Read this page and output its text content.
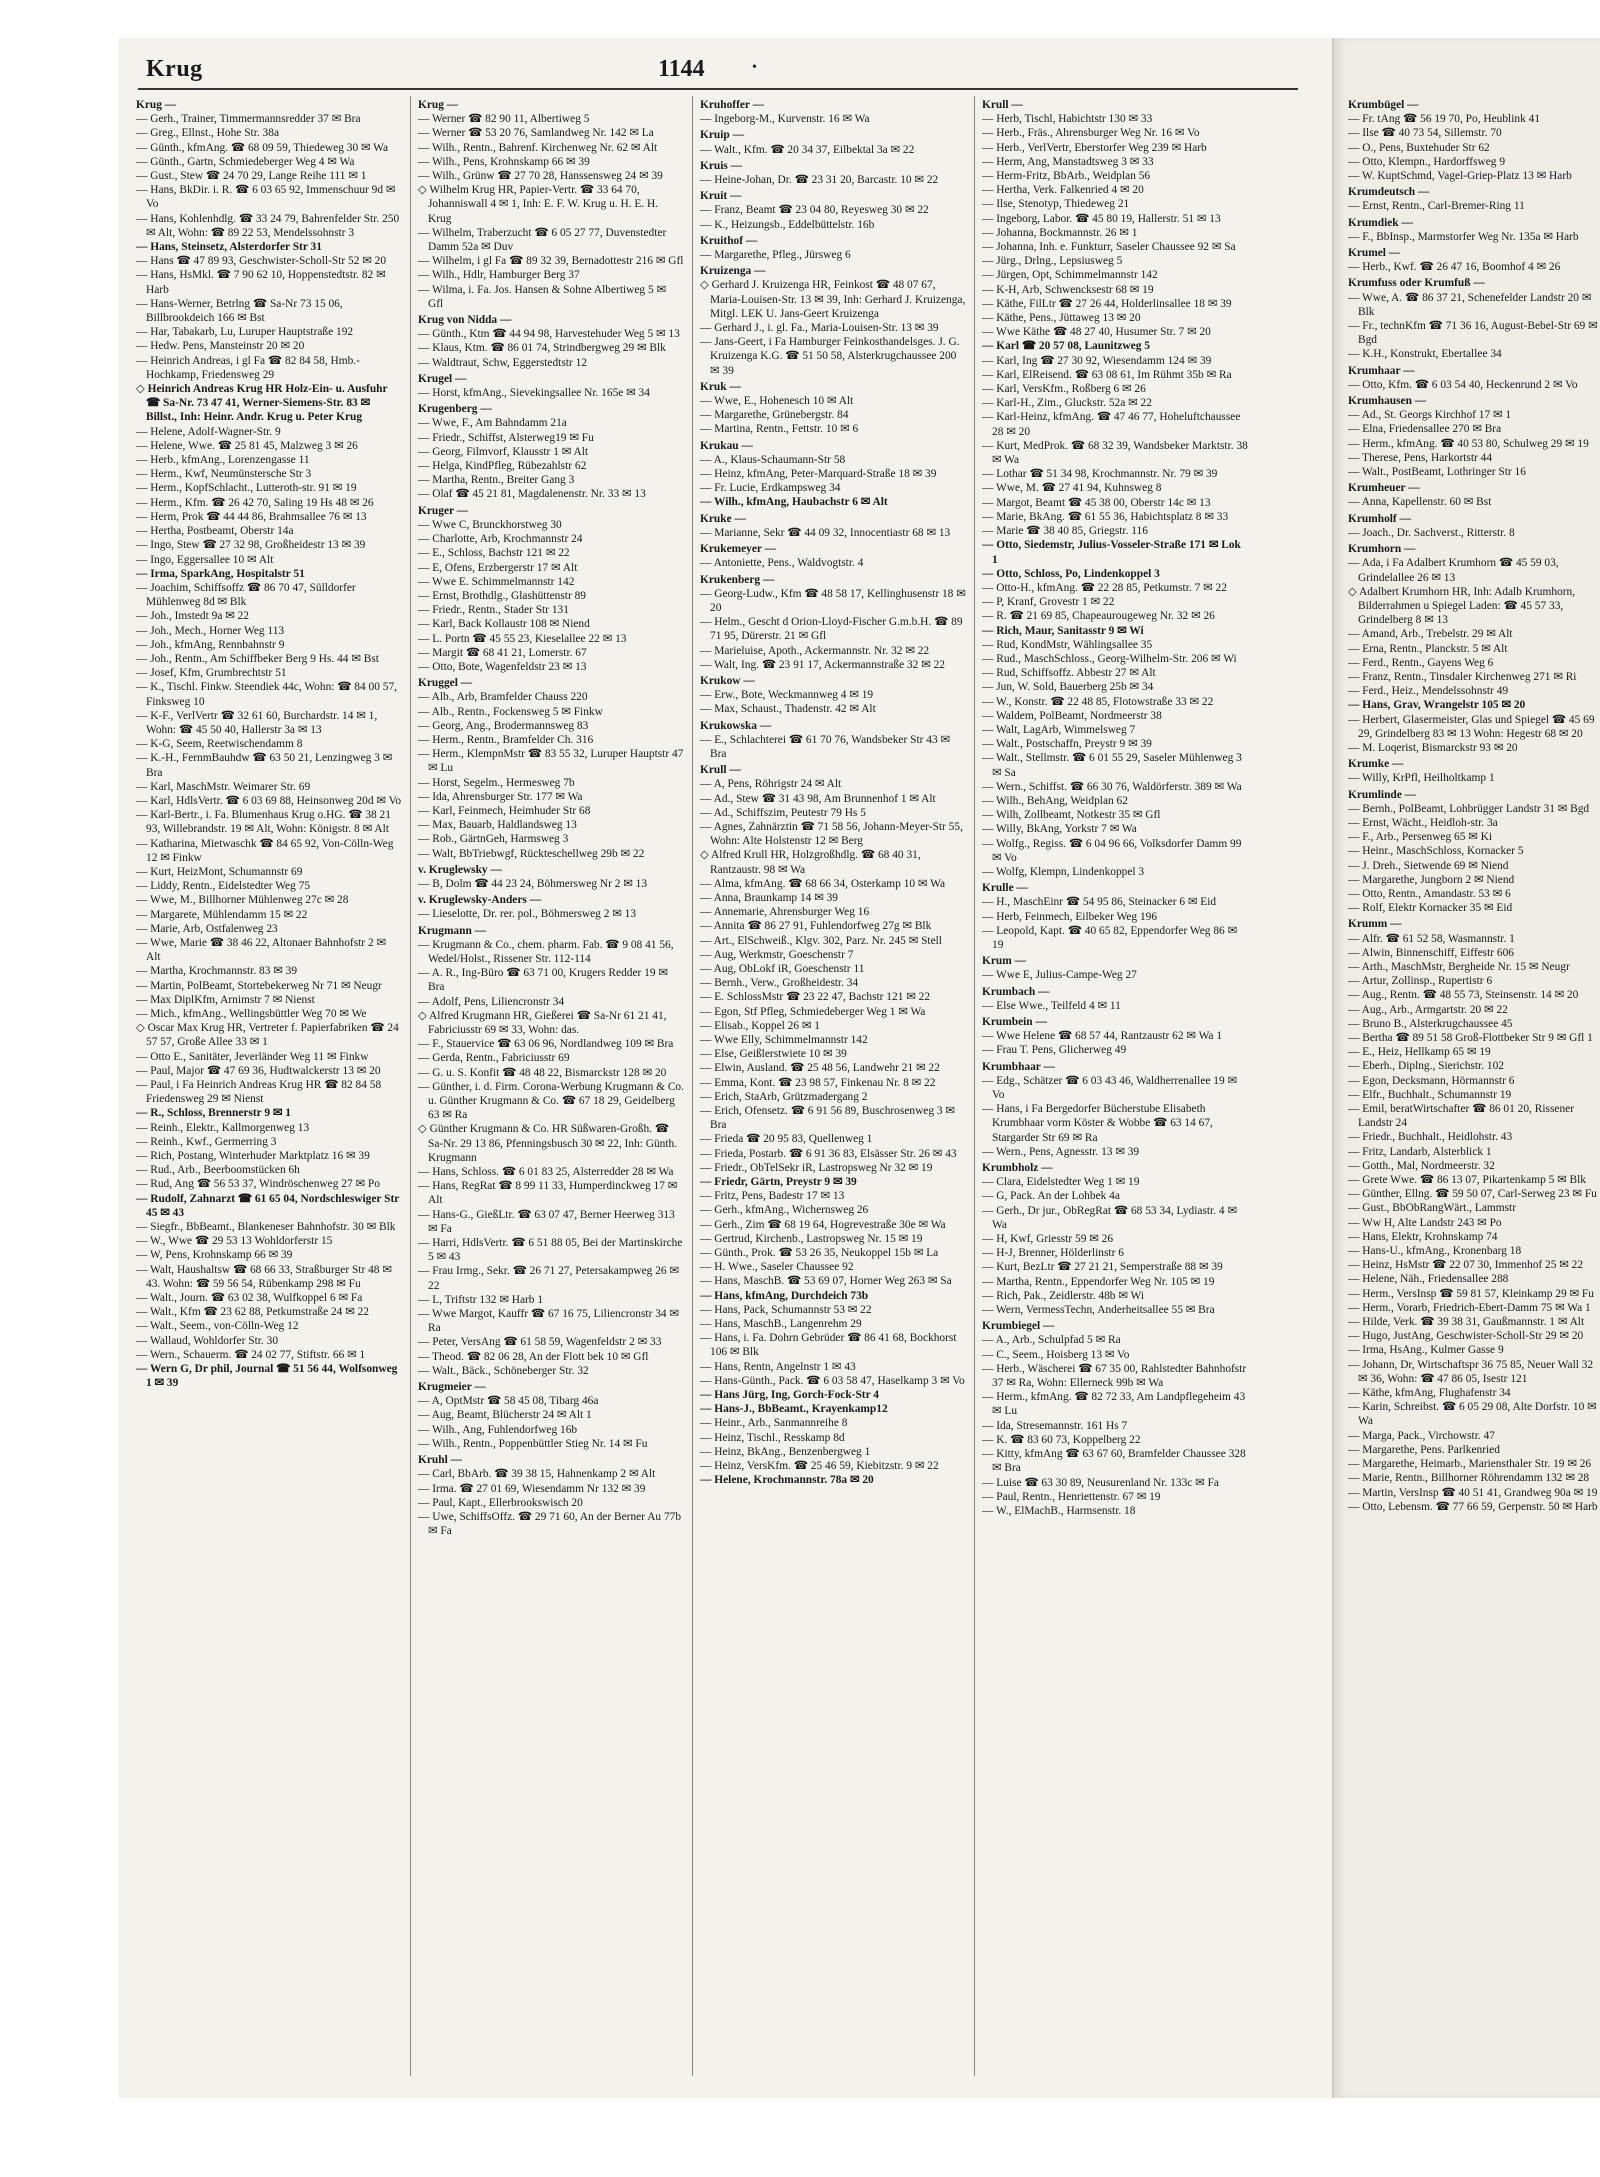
Krug	1144	•
Krug —
— Gerh., Trainer, Timmermannsredder 37 ✉ Bra
— Greg., Ellnst., Hohe Str. 38a
— Günth., kfmAng. ☎ 68 09 59, Thiedeweg 30 ✉ Wa
— Günth., Gartn, Schmiedeberger Weg 4 ✉ Wa
— Gust., Stew ☎ 24 70 29, Lange Reihe 111 ✉ 1
— Hans, BkDir. i. R. ☎ 6 03 65 92, Immenschuur 9d ✉ Vo
— Hans, Kohlenhdlg. ☎ 33 24 79, Bahrenfelder Str. 250 ✉ Alt, Wohn: ☎ 89 22 53, Mendelssohnstr 3
— Hans, Steinsetz, Alsterdorfer Str 31
— Hans ☎ 47 89 93, Geschwister-Scholl-Str 52 ✉ 20
— Hans, HsMkl. ☎ 7 90 62 10, Hoppenstedtstr. 82 ✉ Harb
— Hans-Werner, Betrlng ☎ Sa-Nr 73 15 06, Billbrookdeich 166 ✉ Bst
— Har, Tabakarb, Lu, Luruper Hauptstraße 192
— Hedw. Pens, Mansteinstr 20 ✉ 20
— Heinrich Andreas, i gl Fa ☎ 82 84 58, Hmb.-Hochkamp, Friedensweg 29
◇ Heinrich Andreas Krug HR Holz-Ein- u. Ausfuhr ☎ Sa-Nr. 73 47 41, Werner-Siemens-Str. 83 ✉ Billst., Inh: Heinr. Andr. Krug u. Peter Krug
— Helene, Adolf-Wagner-Str. 9
— Helene, Wwe. ☎ 25 81 45, Malzweg 3 ✉ 26
— Herb., kfmAng., Lorenzengasse 11
— Herm., Kwf, Neumünstersche Str 3
— Herm., KopfSchlacht., Lutteroth-str. 91 ✉ 19
— Herm., Kfm. ☎ 26 42 70, Saling 19 Hs 48 ✉ 26
— Herm, Prok ☎ 44 44 86, Brahmsallee 76 ✉ 13
— Hertha, Postbeamt, Oberstr 14a
— Ingo, Stew ☎ 27 32 98, Großheidestr 13 ✉ 39
— Ingo, Eggersallee 10 ✉ Alt
— Irma, SparkAng, Hospitalstr 51
— Joachim, Schiffsoffz ☎ 86 70 47, Sülldorfer Mühlenweg 8d ✉ Blk
— Joh., Imstedt 9a ✉ 22
— Joh., Mech., Horner Weg 113
— Joh., kfmAng, Rennbahnstr 9
— Joh., Rentn., Am Schiffbeker Berg 9 Hs. 44 ✉ Bst
— Josef, Kfm, Grumbrechtstr 51
— K., Tischl. Finkw. Steendiek 44c, Wohn: ☎ 84 00 57, Finksweg 10
— K-F., VerlVertr ☎ 32 61 60, Burchardstr. 14 ✉ 1, Wohn: ☎ 45 50 40, Hallerstr 3a ✉ 13
— K-G, Seem, Reetwischendamm 8
— K.-H., FernmBauhdw ☎ 63 50 21, Lenzingweg 3 ✉ Bra
— Karl, MaschMstr. Weimarer Str. 69
— Karl, HdlsVertr. ☎ 6 03 69 88, Heinsonweg 20d ✉ Vo
— Karl-Bertr., i. Fa. Blumenhaus Krug o.HG. ☎ 38 21 93, Willebrandstr. 19 ✉ Alt, Wohn: Königstr. 8 ✉ Alt
— Katharina, Mietwaschk ☎ 84 65 92, Von-Cölln-Weg 12 ✉ Finkw
— Kurt, HeizMont, Schumannstr 69
— Liddy, Rentn., Eidelstedter Weg 75
— Wwe, M., Billhorner Mühlenweg 27c ✉ 28
— Margarete, Mühlendamm 15 ✉ 22
— Marie, Arb, Ostfalenweg 23
— Wwe, Marie ☎ 38 46 22, Altonaer Bahnhofstr 2 ✉ Alt
— Martha, Krochmannstr. 83 ✉ 39
— Martin, PolBeamt, Stortebekerweg Nr 71 ✉ Neugr
— Max DiplKfm, Arnimstr 7 ✉ Nienst
— Mich., kfmAng., Wellingsbüttler Weg 70 ✉ We
◇ Oscar Max Krug HR, Vertreter f. Papierfabriken ☎ 24 57 57, Große Allee 33 ✉ 1
— Otto E., Sanitäter, Jeverländer Weg 11 ✉ Finkw
— Paul, Major ☎ 47 69 36, Hudtwalckerstr 13 ✉ 20
— Paul, i Fa Heinrich Andreas Krug HR ☎ 82 84 58 Friedensweg 29 ✉ Nienst
— R., Schloss, Brennerstr 9 ✉ 1
— Reinh., Elektr., Kallmorgenweg 13
— Reinh., Kwf., Germerring 3
— Rich, Postang, Winterhuder Marktplatz 16 ✉ 39
— Rud., Arb., Beerboomstücken 6h
— Rud, Ang ☎ 56 53 37, Windröschenweg 27 ✉ Po
— Rudolf, Zahnarzt ☎ 61 65 04, Nordschleswiger Str 45 ✉ 43
— Siegfr., BbBeamt., Blankeneser Bahnhofstr. 30 ✉ Blk
— W., Wwe ☎ 29 53 13 Wohldorferstr 15
— W, Pens, Krohnskamp 66 ✉ 39
— Walt, Haushaltsw ☎ 68 66 33, Straßburger Str 48 ✉ 43. Wohn: ☎ 59 56 54, Rübenkamp 298 ✉ Fu
— Walt., Journ. ☎ 63 02 38, Wulfkoppel 6 ✉ Fa
— Walt., Kfm ☎ 23 62 88, Petkumstraße 24 ✉ 22
— Walt., Seem., von-Cölln-Weg 12
— Wallaud, Wohldorfer Str. 30
— Wern., Schauerm. ☎ 24 02 77, Stiftstr. 66 ✉ 1
— Wern G, Dr phil, Journal ☎ 51 56 44, Wolfsonweg 1 ✉ 39
Krug —
— Werner ☎ 82 90 11, Albertiweg 5
— Werner ☎ 53 20 76, Samlandweg Nr. 142 ✉ La
— Wilh., Rentn., Bahrenf. Kirchenweg Nr. 62 ✉ Alt
— Wilh., Pens, Krohnskamp 66 ✉ 39
— Wilh., Grünw ☎ 27 70 28, Hanssensweg 24 ✉ 39
◇ Wilhelm Krug HR, Papier-Vertr. ☎ 33 64 70, Johanniswall 4 ✉ 1, Inh: E. F. W. Krug u. H. E. H. Krug
— Wilhelm, Traberzucht ☎ 6 05 27 77, Duvenstedter Damm 52a ✉ Duv
— Wilhelm, i gl Fa ☎ 89 32 39, Bernadottestr 216 ✉ Gfl
— Wilh., Hdlr, Hamburger Berg 37
— Wilma, i. Fa. Jos. Hansen & Sohne Albertiweg 5 ✉ Gfl
Krug von Nidda —
— Günth., Ktm ☎ 44 94 98, Harvestehuder Weg 5 ✉ 13
— Klaus, Ktm. ☎ 86 01 74, Strindbergweg 29 ✉ Blk
— Waldtraut, Schw, Eggerstedtstr 12
Krugel —
— Horst, kfmAng., Sievekingsallee Nr. 165e ✉ 34
Krugenberg —
— Wwe, F., Am Bahndamm 21a
— Friedr., Schiffst, Alsterweg19 ✉ Fu
— Georg, Filmvorf, Klausstr 1 ✉ Alt
— Helga, KindPfleg, Rübezahlstr 62
— Martha, Rentn., Breiter Gang 3
— Olaf ☎ 45 21 81, Magdalenenstr. Nr. 33 ✉ 13
Kruger —
— Wwe C, Brunckhorstweg 30
— Charlotte, Arb, Krochmannstr 24
— E., Schloss, Bachstr 121 ✉ 22
— E, Ofens, Erzbergerstr 17 ✉ Alt
— Wwe E. Schimmelmannstr 142
— Ernst, Brothdlg., Glashüttenstr 89
— Friedr., Rentn., Stader Str 131
— Karl, Back Kollaustr 108 ✉ Niend
— L. Portn ☎ 45 55 23, Kieselallee 22 ✉ 13
— Margit ☎ 68 41 21, Lomerstr. 67
— Otto, Bote, Wagenfeldstr 23 ✉ 13
Kruggel —
— Alb., Arb, Bramfelder Chauss 220
— Alb., Rentn., Fockensweg 5 ✉ Finkw
— Georg, Ang., Brodermannsweg 83
— Herm., Rentn., Bramfelder Ch. 316
— Herm., KlempnMstr ☎ 83 55 32, Luruper Hauptstr 47 ✉ Lu
— Horst, Segelm., Hermesweg 7b
— Ida, Ahrensburger Str. 177 ✉ Wa
— Karl, Feinmech, Heimhuder Str 68
— Max, Bauarb, Haldlandsweg 13
— Rob., GärtnGeh, Harmsweg 3
— Walt, BbTriebwgf, Rückteschellweg 29b ✉ 22
v. Kruglewsky —
— B, Dolm ☎ 44 23 24, Böhmersweg Nr 2 ✉ 13
v. Kruglewsky-Anders —
— Lieselotte, Dr. rer. pol., Böhmersweg 2 ✉ 13
Krugmann —
— Krugmann & Co., chem. pharm. Fab. ☎ 9 08 41 56, Wedel/Holst., Rissener Str. 112-114
— A. R., Ing-Büro ☎ 63 71 00, Krugers Redder 19 ✉ Bra
— Adolf, Pens, Liliencronstr 34
◇ Alfred Krugmann HR, Gießerei ☎ Sa-Nr 61 21 41, Fabriciusstr 69 ✉ 33, Wohn: das.
— F., Stauervice ☎ 63 06 96, Nordlandweg 109 ✉ Bra
— Gerda, Rentn., Fabriciusstr 69
— G. u. S. Konfit ☎ 48 48 22, Bismarckstr 128 ✉ 20
— Günther, i. d. Firm. Corona-Werbung Krugmann & Co. u. Günther Krugmann & Co. ☎ 67 18 29, Geidelberg 63 ✉ Ra
◇ Günther Krugmann & Co. HR Süßwaren-Großh. ☎ Sa-Nr. 29 13 86, Pfenningsbusch 30 ✉ 22, Inh: Günth. Krugmann
— Hans, Schloss. ☎ 6 01 83 25, Alsterredder 28 ✉ Wa
— Hans, RegRat ☎ 8 99 11 33, Humperdinckweg 17 ✉ Alt
— Hans-G., GießLtr. ☎ 63 07 47, Berner Heerweg 313 ✉ Fa
— Harri, HdlsVertr. ☎ 6 51 88 05, Bei der Martinskirche 5 ✉ 43
— Frau Irmg., Sekr. ☎ 26 71 27, Petersakampweg 26 ✉ 22
— L, Triftstr 132 ✉ Harb 1
— Wwe Margot, Kauffr ☎ 67 16 75, Liliencronstr 34 ✉ Ra
— Peter, VersAng ☎ 61 58 59, Wagenfeldstr 2 ✉ 33
— Theod. ☎ 82 06 28, An der Flott bek 10 ✉ Gfl
— Walt., Bäck., Schöneberger Str. 32
Krugmeier —
— A, OptMstr ☎ 58 45 08, Tibarg 46a
— Aug, Beamt, Blücherstr 24 ✉ Alt 1
— Wilh., Ang, Fuhlendorfweg 16b
— Wilh., Rentn., Poppenbüttler Stieg Nr. 14 ✉ Fu
Kruhl —
— Carl, BbArb. ☎ 39 38 15, Hahnenkamp 2 ✉ Alt
— Irma. ☎ 27 01 69, Wiesendamm Nr 132 ✉ 39
— Paul, Kapt., Ellerbrookswisch 20
— Uwe, SchiffsOffz. ☎ 29 71 60, An der Berner Au 77b ✉ Fa
Kruhoffer —
— Ingeborg-M., Kurvenstr. 16 ✉ Wa
Kruip —
— Walt., Kfm. ☎ 20 34 37, Eilbektal 3a ✉ 22
Kruis —
— Heine-Johan, Dr. ☎ 23 31 20, Barcastr. 10 ✉ 22
Kruit —
— Franz, Beamt ☎ 23 04 80, Reyesweg 30 ✉ 22
— K., Heizungsb., Eddelbüttelstr. 16b
Kruithof —
— Margarethe, Pfleg., Jürsweg 6
Kruizenga —
◇ Gerhard J. Kruizenga HR, Feinkost ☎ 48 07 67, Maria-Louisen-Str. 13 ✉ 39, Inh: Gerhard J. Kruizenga, Mitgl. LEK U. Jans-Geert Kruizenga
— Gerhard J., i. gl. Fa., Maria-Louisen-Str. 13 ✉ 39
— Jans-Geert, i Fa Hamburger Feinkosthandelsges. J. G. Kruizenga K.G. ☎ 51 50 58, Alsterkrugchaussee 200 ✉ 39
Kruk —
— Wwe, E., Hohenesch 10 ✉ Alt
— Margarethe, Grünebergstr. 84
— Martina, Rentn., Fettstr. 10 ✉ 6
Krukau —
— A., Klaus-Schaumann-Str 58
— Heinz, kfmAng, Peter-Marquard-Straße 18 ✉ 39
— Fr. Lucie, Erdkampsweg 34
— Wilh., kfmAng, Haubachstr 6 ✉ Alt
Kruke —
— Marianne, Sekr ☎ 44 09 32, Innocentiastr 68 ✉ 13
Krukemeyer —
— Antoniette, Pens., Waldvogtstr. 4
Krukenberg —
— Georg-Ludw., Kfm ☎ 48 58 17, Kellinghusenstr 18 ✉ 20
— Helm., Gescht d Orion-Lloyd-Fischer G.m.b.H. ☎ 89 71 95, Dürerstr. 21 ✉ Gfl
— Marieluise, Apoth., Ackermannstr. Nr. 32 ✉ 22
— Walt, Ing. ☎ 23 91 17, Ackermannstraße 32 ✉ 22
Krukow —
— Erw., Bote, Weckmannweg 4 ✉ 19
— Max, Schaust., Thadenstr. 42 ✉ Alt
Krukowska —
— E., Schlachterei ☎ 61 70 76, Wandsbeker Str 43 ✉ Bra
Krull —
— A, Pens, Röhrigstr 24 ✉ Alt
— Ad., Stew ☎ 31 43 98, Am Brunnenhof 1 ✉ Alt
— Ad., Schiffszim, Peutestr 79 Hs 5
— Agnes, Zahnärztin ☎ 71 58 56, Johann-Meyer-Str 55, Wohn: Alte Holstenstr 12 ✉ Berg
◇ Alfred Krull HR, Holzgroßhdlg. ☎ 68 40 31, Rantzaustr. 98 ✉ Wa
— Alma, kfmAng. ☎ 68 66 34, Osterkamp 10 ✉ Wa
— Anna, Braunkamp 14 ✉ 39
— Annemarie, Ahrensburger Weg 16
— Annita ☎ 86 27 91, Fuhlendorfweg 27g ✉ Blk
— Art., ElSchweiß., Klgv. 302, Parz. Nr. 245 ✉ Stell
— Aug, Werkmstr, Goeschenstr 7
— Aug, ObLokf iR, Goeschenstr 11
— Bernh., Verw., Großheidestr. 34
— E. SchlossMstr ☎ 23 22 47, Bachstr 121 ✉ 22
— Egon, Stf Pfleg, Schmiedeberger Weg 1 ✉ Wa
— Elisab., Koppel 26 ✉ 1
— Wwe Elly, Schimmelmannstr 142
— Else, Geißlerstwiete 10 ✉ 39
— Elwin, Ausland. ☎ 25 48 56, Landwehr 21 ✉ 22
— Emma, Kont. ☎ 23 98 57, Finkenau Nr. 8 ✉ 22
— Erich, StaArb, Grützmadergang 2
— Erich, Ofensetz. ☎ 6 91 56 89, Buschrosenweg 3 ✉ Bra
— Frieda ☎ 20 95 83, Quellenweg 1
— Frieda, Postarb. ☎ 6 91 36 83, Elsässer Str. 26 ✉ 43
— Friedr., ObTelSekr iR, Lastropsweg Nr 32 ✉ 19
— Friedr, Gärtn, Preystr 9 ✉ 39
— Fritz, Pens, Badestr 17 ✉ 13
— Gerh., kfmAng., Wichernsweg 26
— Gerh., Zim ☎ 68 19 64, Hogrevestraße 30e ✉ Wa
— Gertrud, Kirchenb., Lastropsweg Nr. 15 ✉ 19
— Günth., Prok. ☎ 53 26 35, Neukoppel 15b ✉ La
— H. Wwe., Saseler Chaussee 92
— Hans, MaschB. ☎ 53 69 07, Horner Weg 263 ✉ Sa
— Hans, kfmAng, Durchdeich 73b
— Hans, Pack, Schumannstr 53 ✉ 22
— Hans, MaschB., Langenrehm 29
— Hans, i. Fa. Dohrn Gebrüder ☎ 86 41 68, Bockhorst 106 ✉ Blk
— Hans, Rentn, Angelnstr 1 ✉ 43
— Hans-Günth., Pack. ☎ 6 03 58 47, Haselkamp 3 ✉ Vo
— Hans Jürg, Ing, Gorch-Fock-Str 4
— Hans-J., BbBeamt., Krayenkamp12
— Heinr., Arb., Sanmannreihe 8
— Heinz, Tischl., Resskamp 8d
— Heinz, BkAng., Benzenbergweg 1
— Heinz, VersKfm. ☎ 25 46 59, Kiebitzstr. 9 ✉ 22
— Helene, Krochmannstr. 78a ✉ 20
Krull —
— Herb, Tischl, Habichtstr 130 ✉ 33
— Herb., Fräs., Ahrensburger Weg Nr. 16 ✉ Vo
— Herb., VerlVertr, Eberstorfer Weg 239 ✉ Harb
— Herm, Ang, Manstadtsweg 3 ✉ 33
— Herm-Fritz, BbArb., Weidplan 56
— Hertha, Verk. Falkenried 4 ✉ 20
— Ilse, Stenotyp, Thiedeweg 21
— Ingeborg, Labor. ☎ 45 80 19, Hallerstr. 51 ✉ 13
— Johanna, Bockmannstr. 26 ✉ 1
— Johanna, Inh. e. Funkturr, Saseler Chaussee 92 ✉ Sa
— Jürg., Drlng., Lepsiusweg 5
— Jürgen, Opt, Schimmelmannstr 142
— K-H, Arb, Schwencksestr 68 ✉ 19
— Käthe, FilLtr ☎ 27 26 44, Holderlinsallee 18 ✉ 39
— Käthe, Pens., Jüttaweg 13 ✉ 20
— Wwe Käthe ☎ 48 27 40, Husumer Str. 7 ✉ 20
— Karl ☎ 20 57 08, Launitzweg 5
— Karl, Ing ☎ 27 30 92, Wiesendamm 124 ✉ 39
— Karl, ElReisend. ☎ 63 08 61, Im Rühmt 35b ✉ Ra
— Karl, VersKfm., Roßberg 6 ✉ 26
— Karl-H., Zim., Gluckstr. 52a ✉ 22
— Karl-Heinz, kfmAng. ☎ 47 46 77, Hoheluftchaussee 28 ✉ 20
— Kurt, MedProk. ☎ 68 32 39, Wandsbeker Marktstr. 38 ✉ Wa
— Lothar ☎ 51 34 98, Krochmannstr. Nr. 79 ✉ 39
— Wwe, M. ☎ 27 41 94, Kuhnsweg 8
— Margot, Beamt ☎ 45 38 00, Oberstr 14c ✉ 13
— Marie, BkAng. ☎ 61 55 36, Habichtsplatz 8 ✉ 33
— Marie ☎ 38 40 85, Griegstr. 116
— Otto, Siedemstr, Julius-Vosseler-Straße 171 ✉ Lok 1
— Otto, Schloss, Po, Lindenkoppel 3
— Otto-H., kfmAng. ☎ 22 28 85, Petkumstr. 7 ✉ 22
— P, Kranf, Grovestr 1 ✉ 22
— R. ☎ 21 69 85, Chapeaurougeweg Nr. 32 ✉ 26
— Rich, Maur, Sanitasstr 9 ✉ Wi
— Rud, KondMstr, Wählingsallee 35
— Rud., MaschSchloss., Georg-Wilhelm-Str. 206 ✉ Wi
— Rud, Schiffsoffz. Abbestr 27 ✉ Alt
— Jun, W. Sold, Bauerberg 25b ✉ 34
— W., Konstr. ☎ 22 48 85, Flotowstraße 33 ✉ 22
— Waldem, PolBeamt, Nordmeerstr 38
— Walt, LagArb, Wimmelsweg 7
— Walt., Postschaffn, Preystr 9 ✉ 39
— Walt., Stellmstr. ☎ 6 01 55 29, Saseler Mühlenweg 3 ✉ Sa
— Wern., Schiffst. ☎ 66 30 76, Waldörferstr. 389 ✉ Wa
— Wilh., BehAng, Weidplan 62
— Wilh, Zollbeamt, Notkestr 35 ✉ Gfl
— Willy, BkAng, Yorkstr 7 ✉ Wa
— Wolfg., Regiss. ☎ 6 04 96 66, Volksdorfer Damm 99 ✉ Vo
— Wolfg, Klempn, Lindenkoppel 3
Krulle —
— H., MaschEinr ☎ 54 95 86, Steinacker 6 ✉ Eid
— Herb, Feinmech, Eilbeker Weg 196
— Leopold, Kapt. ☎ 40 65 82, Eppendorfer Weg 86 ✉ 19
Krum —
— Wwe E, Julius-Campe-Weg 27
Krumbach —
— Else Wwe., Teilfeld 4 ✉ 11
Krumbein —
— Wwe Helene ☎ 68 57 44, Rantzaustr 62 ✉ Wa 1
— Frau T. Pens, Glicherweg 49
Krumbhaar —
— Edg., Schätzer ☎ 6 03 43 46, Waldherrenallee 19 ✉ Vo
— Hans, i Fa Bergedorfer Bücherstube Elisabeth Krumbhaar vorm Köster & Wobbe ☎ 63 14 67, Stargarder Str 69 ✉ Ra
— Wern., Pens, Agnesstr. 13 ✉ 39
Krumbholz —
— Clara, Eidelstedter Weg 1 ✉ 19
— G, Pack. An der Lohbek 4a
— Gerh., Dr jur., ObRegRat ☎ 68 53 34, Lydiastr. 4 ✉ Wa
— H, Kwf, Griesstr 59 ✉ 26
— H-J, Brenner, Hölderlinstr 6
— Kurt, BezLtr ☎ 27 21 21, Semperstraße 88 ✉ 39
— Martha, Rentn., Eppendorfer Weg Nr. 105 ✉ 19
— Rich, Pak., Zeidlerstr. 48b ✉ Wi
— Wern, VermessTechn, Anderheitsallee 55 ✉ Bra
Krumbiegel —
— A., Arb., Schulpfad 5 ✉ Ra
— C., Seem., Hoisberg 13 ✉ Vo
— Herb., Wäscherei ☎ 67 35 00, Rahlstedter Bahnhofstr 37 ✉ Ra, Wohn: Ellerneck 99b ✉ Wa
— Herm., kfmAng. ☎ 82 72 33, Am Landpflegeheim 43 ✉ Lu
— Ida, Stresemannstr. 161 Hs 7
— K. ☎ 83 60 73, Koppelberg 22
— Kitty, kfmAng ☎ 63 67 60, Bramfelder Chaussee 328 ✉ Bra
— Luise ☎ 63 30 89, Neusurenland Nr. 133c ✉ Fa
— Paul, Rentn., Henriettenstr. 67 ✉ 19
— W., ElMachB., Harmsenstr. 18
Krumbügel —
— Fr. tAng ☎ 56 19 70, Po, Heublink 41
— Ilse ☎ 40 73 54, Sillemstr. 70
— O., Pens, Buxtehuder Str 62
— Otto, Klempn., Hardorffsweg 9
— W. KuptSchmd, Vagel-Griep-Platz 13 ✉ Harb
Krumdeutsch —
— Ernst, Rentn., Carl-Bremer-Ring 11
Krumdiek —
— F., BbInsp., Marmstorfer Weg Nr. 135a ✉ Harb
Krumel —
— Herb., Kwf. ☎ 26 47 16, Boomhof 4 ✉ 26
Krumfuss oder Krumfuß —
— Wwe, A. ☎ 86 37 21, Schenefelder Landstr 20 ✉ Blk
— Fr., technKfm ☎ 71 36 16, August-Bebel-Str 69 ✉ Bgd
— K.H., Konstrukt, Ebertallee 34
Krumhaar —
— Otto, Kfm. ☎ 6 03 54 40, Heckenrund 2 ✉ Vo
Krumhausen —
— Ad., St. Georgs Kirchhof 17 ✉ 1
— Elna, Friedensallee 270 ✉ Bra
— Herm., kfmAng. ☎ 40 53 80, Schulweg 29 ✉ 19
— Therese, Pens, Harkortstr 44
— Walt., PostBeamt, Lothringer Str 16
Krumheuer —
— Anna, Kapellenstr. 60 ✉ Bst
Krumholf —
— Joach., Dr. Sachverst., Ritterstr. 8
Krumhorn —
— Ada, i Fa Adalbert Krumhorn ☎ 45 59 03, Grindelallee 26 ✉ 13
◇ Adalbert Krumhorn HR, Inh: Adalb Krumhorn, Bilderrahmen u Spiegel Laden: ☎ 45 57 33, Grindelberg 8 ✉ 13
— Amand, Arb., Trebelstr. 29 ✉ Alt
— Erna, Rentn., Planckstr. 5 ✉ Alt
— Ferd., Rentn., Gayens Weg 6
— Franz, Rentn., Tinsdaler Kirchenweg 271 ✉ Ri
— Ferd., Heiz., Mendelssohnstr 49
— Hans, Grav, Wrangelstr 105 ✉ 20
— Herbert, Glasermeister, Glas und Spiegel ☎ 45 69 29, Grindelberg 83 ✉ 13 Wohn: Hegestr 68 ✉ 20
— M. Loqerist, Bismarckstr 93 ✉ 20
Krumke —
— Willy, KrPfl, Heilholtkamp 1
Krumlinde —
— Bernh., PolBeamt, Lohbrügger Landstr 31 ✉ Bgd
— Ernst, Wächt., Heidloh-str. 3a
— F., Arb., Persenweg 65 ✉ Ki
— Heinr., MaschSchloss, Kornacker 5
— J. Dreh., Sietwende 69 ✉ Niend
— Margarethe, Jungborn 2 ✉ Niend
— Otto, Rentn., Amandastr. 53 ✉ 6
— Rolf, Elektr Kornacker 35 ✉ Eid
Krumm —
— Alfr. ☎ 61 52 58, Wasmannstr. 1
— Alwin, Binnenschiff, Eiffestr 606
— Arth., MaschMstr, Bergheide Nr. 15 ✉ Neugr
— Artur, Zollinsp., Rupertistr 6
— Aug., Rentn. ☎ 48 55 73, Steinsenstr. 14 ✉ 20
— Aug., Arb., Armgartstr. 20 ✉ 22
— Bruno B., Alsterkrugchaussee 45
— Bertha ☎ 89 51 58 Groß-Flottbeker Str 9 ✉ Gfl 1
— E., Heiz, Hellkamp 65 ✉ 19
— Eberh., Diplng., Sierichstr. 102
— Egon, Decksmann, Hörmannstr 6
— Elfr., Buchhalt., Schumannstr 19
— Emil, beratWirtschafter ☎ 86 01 20, Rissener Landstr 24
— Friedr., Buchhalt., Heidlohstr. 43
— Fritz, Landarb, Alsterblick 1
— Gotth., Mal, Nordmeerstr. 32
— Grete Wwe. ☎ 86 13 07, Pikartenkamp 5 ✉ Blk
— Günther, Ellng. ☎ 59 50 07, Carl-Serweg 23 ✉ Fu
— Gust., BbObRangWärt., Lammstr
— Ww H, Alte Landstr 243 ✉ Po
— Hans, Elektr, Krohnskamp 74
— Hans-U., kfmAng., Kronenbarg 18
— Heinz, HsMstr ☎ 22 07 30, Immenhof 25 ✉ 22
— Helene, Näh., Friedensallee 288
— Herm., VersInsp ☎ 59 81 57, Kleinkamp 29 ✉ Fu
— Herm., Vorarb, Friedrich-Ebert-Damm 75 ✉ Wa 1
— Hilde, Verk. ☎ 39 38 31, Gaußmannstr. 1 ✉ Alt
— Hugo, JustAng, Geschwister-Scholl-Str 29 ✉ 20
— Irma, HsAng., Kulmer Gasse 9
— Johann, Dr, Wirtschaftspr 36 75 85, Neuer Wall 32 ✉ 36, Wohn: ☎ 47 86 05, Isestr 121
— Käthe, kfmAng, Flughafenstr 34
— Karin, Schreibst. ☎ 6 05 29 08, Alte Dorfstr. 10 ✉ Wa
— Marga, Pack., Virchowstr. 47
— Margarethe, Pens. Parlkenried
— Margarethe, Heimarb., Mariensthaler Str. 19 ✉ 26
— Marie, Rentn., Billhorner Röhrendamm 132 ✉ 28
— Martin, VersInsp ☎ 40 51 41, Grandweg 90a ✉ 19
— Otto, Lebensm. ☎ 77 66 59, Gerpenstr. 50 ✉ Harb
